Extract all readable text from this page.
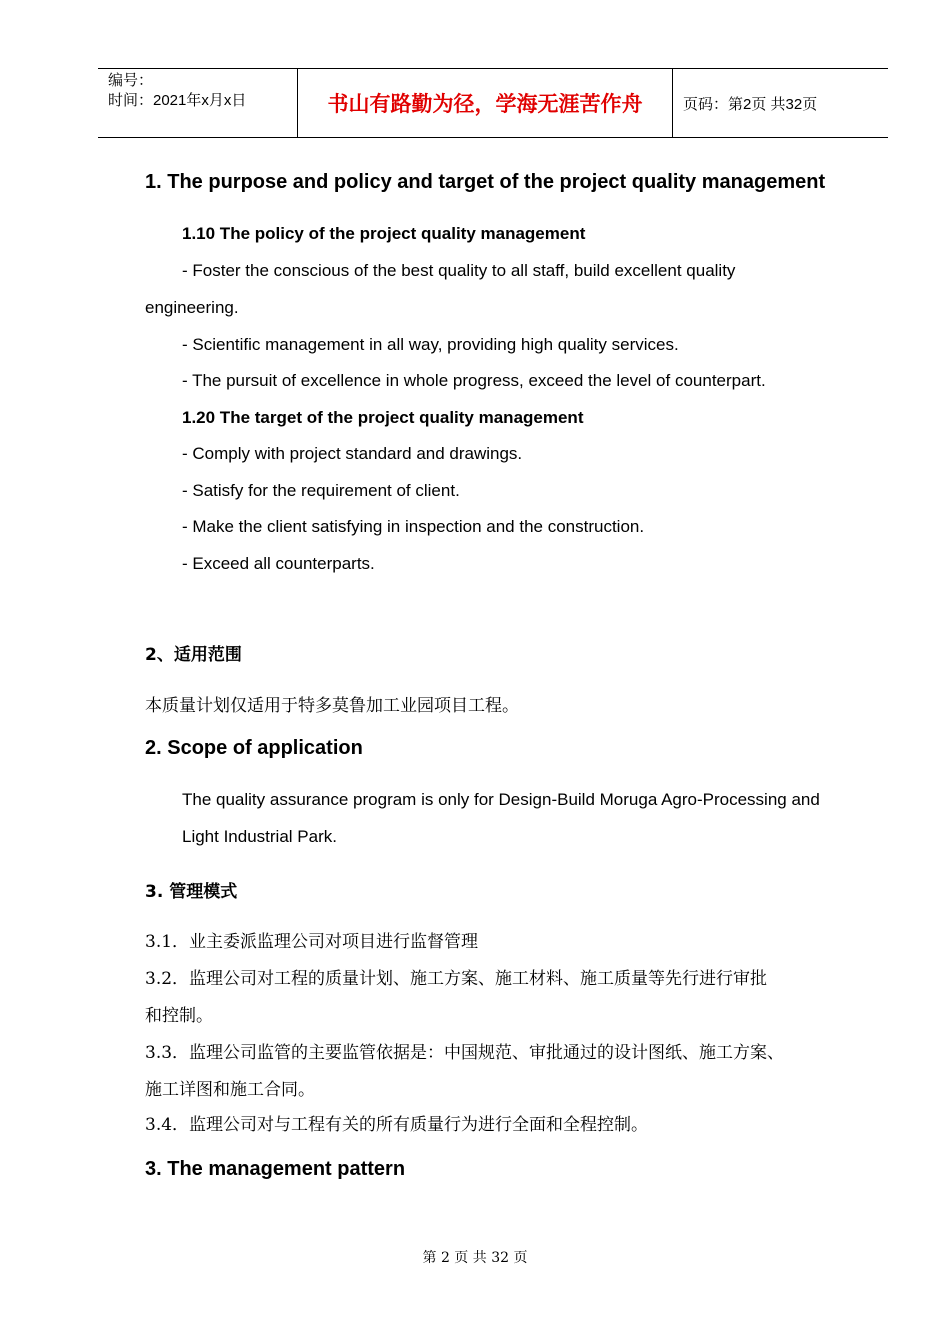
编号：
时间：2021年x月x日	书山有路勤为径，学海无涯苦作舟	页码：第2页 共32页
1. The purpose and policy and target of the project quality management
1.10 The policy of the project quality management
- Foster the conscious of the best quality to all staff, build excellent quality
engineering.
- Scientific management in all way, providing high quality services.
- The pursuit of excellence in whole progress, exceed the level of counterpart.
1.20 The target of the project quality management
- Comply with project standard and drawings.
- Satisfy for the requirement of client.
- Make the client satisfying in inspection and the construction.
- Exceed all counterparts.
2、适用范围
本质量计划仅适用于特多莫鲁加工业园项目工程。
2. Scope of application
The quality assurance program is only for Design-Build Moruga Agro-Processing and
Light Industrial Park.
3. 管理模式
3.1．业主委派监理公司对项目进行监督管理
3.2．监理公司对工程的质量计划、施工方案、施工材料、施工质量等先行进行审批
和控制。
3.3．监理公司监管的主要监管依据是：中国规范、审批通过的设计图纸、施工方案、
施工详图和施工合同。
3.4．监理公司对与工程有关的所有质量行为进行全面和全程控制。
3. The management pattern
第 2 页 共 32 页
